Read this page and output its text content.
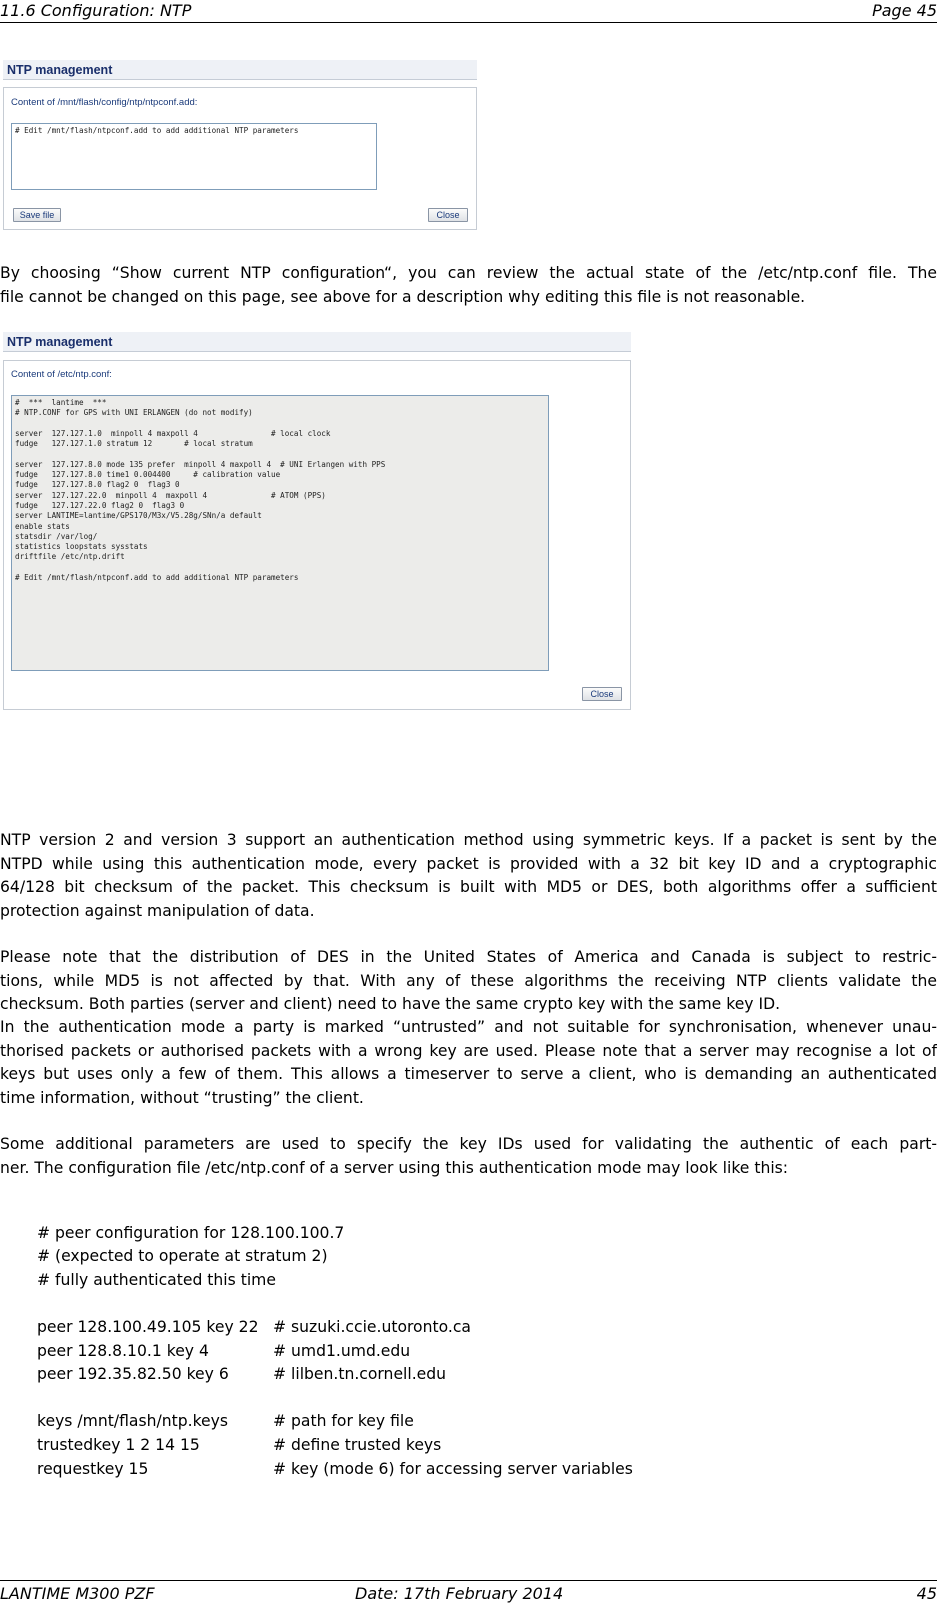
11.6 Configuration: NTP	Page 45
NTP management
Content of /mnt/flash/config/ntp/ntpconf.add:
# Edit /mnt/flash/ntpconf.add to add additional NTP parameters
Save file	Close
By choosing “Show current NTP configuration“, you can review the actual state of the /etc/ntp.conf file. The
file cannot be changed on this page, see above for a description why editing this file is not reasonable.
NTP management
Content of /etc/ntp.conf:
#  ***  lantime  ***
# NTP.CONF for GPS with UNI ERLANGEN (do not modify)

server  127.127.1.0  minpoll 4 maxpoll 4                # local clock
fudge   127.127.1.0 stratum 12       # local stratum

server  127.127.8.0 mode 135 prefer  minpoll 4 maxpoll 4  # UNI Erlangen with PPS
fudge   127.127.8.0 time1 0.004400     # calibration value
fudge   127.127.8.0 flag2 0  flag3 0
server  127.127.22.0  minpoll 4  maxpoll 4              # ATOM (PPS)
fudge   127.127.22.0 flag2 0  flag3 0
server LANTIME=lantime/GPS170/M3x/V5.28g/SNn/a default
enable stats
statsdir /var/log/
statistics loopstats sysstats
driftfile /etc/ntp.drift

# Edit /mnt/flash/ntpconf.add to add additional NTP parameters
Close
NTP version 2 and version 3 support an authentication method using symmetric keys. If a packet is sent by the
NTPD while using this authentication mode, every packet is provided with a 32 bit key ID and a cryptographic
64/128 bit checksum of the packet. This checksum is built with MD5 or DES, both algorithms offer a sufficient
protection against manipulation of data.
Please note that the distribution of DES in the United States of America and Canada is subject to restric-
tions, while MD5 is not affected by that. With any of these algorithms the receiving NTP clients validate the
checksum. Both parties (server and client) need to have the same crypto key with the same key ID.
In the authentication mode a party is marked “untrusted” and not suitable for synchronisation, whenever unau-
thorised packets or authorised packets with a wrong key are used. Please note that a server may recognise a lot of
keys but uses only a few of them. This allows a timeserver to serve a client, who is demanding an authenticated
time information, without “trusting” the client.
Some additional parameters are used to specify the key IDs used for validating the authentic of each part-
ner. The configuration file /etc/ntp.conf of a server using this authentication mode may look like this:
# peer configuration for 128.100.100.7
# (expected to operate at stratum 2)
# fully authenticated this time
peer 128.100.49.105 key 22 # suzuki.ccie.utoronto.ca
peer 128.8.10.1 key 4	# umd1.umd.edu
peer 192.35.82.50 key 6	# lilben.tn.cornell.edu
keys /mnt/flash/ntp.keys	# path for key file
trustedkey 1 2 14 15	# define trusted keys
requestkey 15	# key (mode 6) for accessing server variables
LANTIME M300 PZF	Date: 17th February 2014	45
